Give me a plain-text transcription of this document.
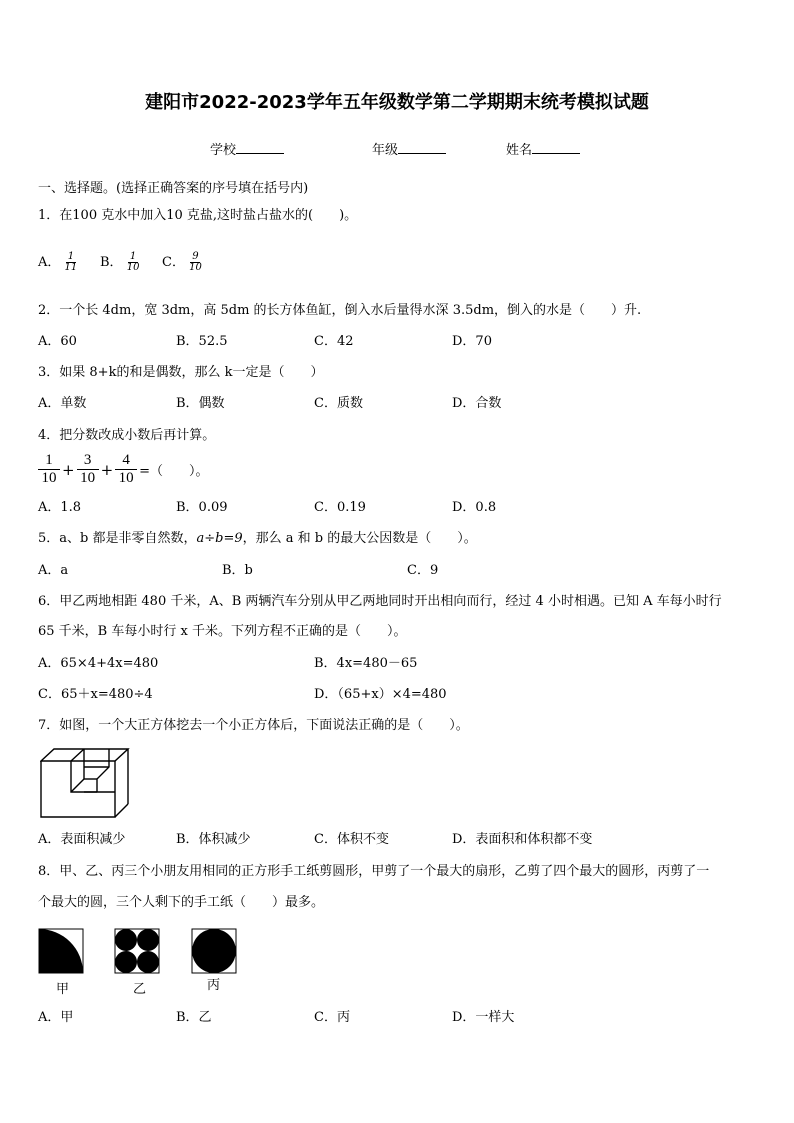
建阳市2022-2023学年五年级数学第二学期期末统考模拟试题
学校	年级	姓名
一、选择题。(选择正确答案的序号填在括号内)
1．在100 克水中加入10 克盐,这时盐占盐水的(　　)。
A． $\frac{1}{11}$ B． $\frac{1}{10}$ C． $\frac{9}{10}$
2．一个长 4dm，宽 3dm，高 5dm 的长方体鱼缸，倒入水后量得水深 3.5dm，倒入的水是（　　）升.
A．60	B．52.5	C．42	D．70
3．如果 8+k的和是偶数，那么 k一定是（　　）
A．单数	B．偶数	C．质数	D．合数
4．把分数改成小数后再计算。
$\frac{1}{10} + \frac{3}{10} + \frac{4}{10}$ =（　　）。
A．1.8	B．0.09	C．0.19	D．0.8
5．a、b 都是非零自然数，a÷b=9，那么 a 和 b 的最大公因数是（　　）。
A．a	B．b	C．9
6．甲乙两地相距 480 千米，A、B 两辆汽车分别从甲乙两地同时开出相向而行，经过 4 小时相遇。已知 A 车每小时行
65 千米，B 车每小时行 x 千米。下列方程不正确的是（　　）。
A．65×4+4x=480	B．4x=480－65
C．65＋x=480÷4	D．（65+x）×4=480
7．如图，一个大正方体挖去一个小正方体后，下面说法正确的是（　　）。
A．表面积减少	B．体积减少	C．体积不变	D．表面积和体积都不变
8．甲、乙、丙三个小朋友用相同的正方形手工纸剪圆形，甲剪了一个最大的扇形，乙剪了四个最大的圆形，丙剪了一
个最大的圆，三个人剩下的手工纸（　　）最多。
甲	乙	丙
A．甲	B．乙	C．丙	D．一样大
